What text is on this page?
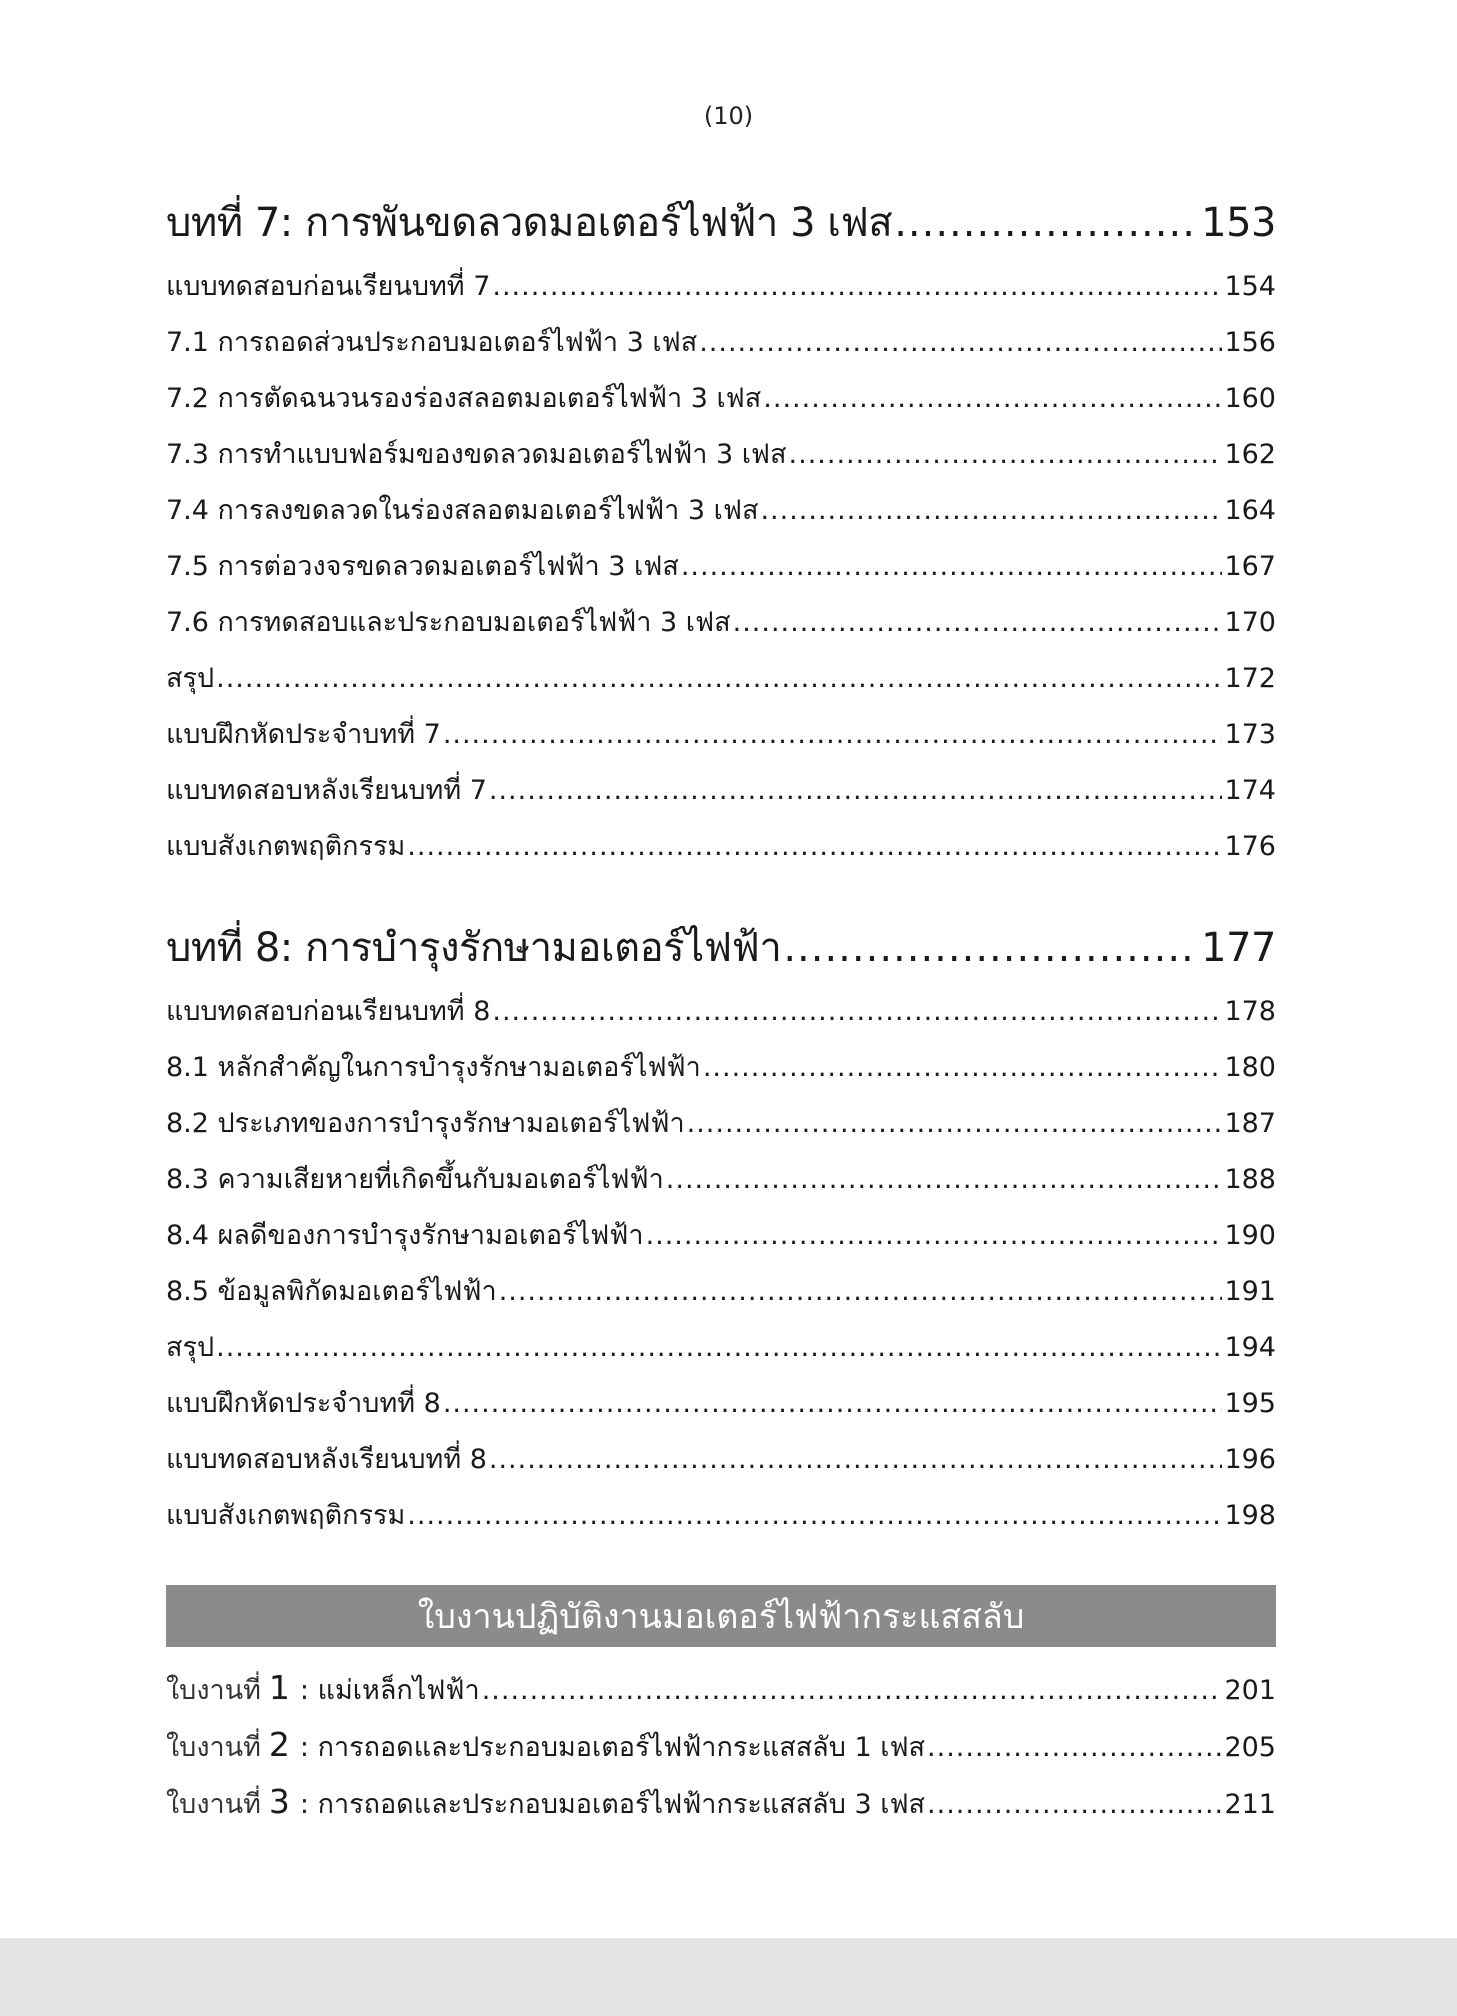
(10)
บทที่ 7: การพันขดลวดมอเตอร์ไฟฟ้า 3 เฟส .....	153
แบบทดสอบก่อนเรียนบทที่ 7 .....	154
7.1 การถอดส่วนประกอบมอเตอร์ไฟฟ้า 3 เฟส .....	156
7.2 การตัดฉนวนรองร่องสลอตมอเตอร์ไฟฟ้า 3 เฟส .....	160
7.3 การทำแบบฟอร์มของขดลวดมอเตอร์ไฟฟ้า 3 เฟส .....	162
7.4 การลงขดลวดในร่องสลอตมอเตอร์ไฟฟ้า 3 เฟส .....	164
7.5 การต่อวงจรขดลวดมอเตอร์ไฟฟ้า 3 เฟส .....	167
7.6 การทดสอบและประกอบมอเตอร์ไฟฟ้า 3 เฟส .....	170
สรุป .....	172
แบบฝึกหัดประจำบทที่ 7 .....	173
แบบทดสอบหลังเรียนบทที่ 7 .....	174
แบบสังเกตพฤติกรรม .....	176
บทที่ 8: การบำรุงรักษามอเตอร์ไฟฟ้า .....	177
แบบทดสอบก่อนเรียนบทที่ 8 .....	178
8.1 หลักสำคัญในการบำรุงรักษามอเตอร์ไฟฟ้า .....	180
8.2 ประเภทของการบำรุงรักษามอเตอร์ไฟฟ้า .....	187
8.3 ความเสียหายที่เกิดขึ้นกับมอเตอร์ไฟฟ้า .....	188
8.4 ผลดีของการบำรุงรักษามอเตอร์ไฟฟ้า .....	190
8.5 ข้อมูลพิกัดมอเตอร์ไฟฟ้า .....	191
สรุป .....	194
แบบฝึกหัดประจำบทที่ 8 .....	195
แบบทดสอบหลังเรียนบทที่ 8 .....	196
แบบสังเกตพฤติกรรม .....	198
ใบงานปฏิบัติงานมอเตอร์ไฟฟ้ากระแสสลับ
ใบงานที่ 1 : แม่เหล็กไฟฟ้า .....	201
ใบงานที่ 2 : การถอดและประกอบมอเตอร์ไฟฟ้ากระแสสลับ 1 เฟส .....	205
ใบงานที่ 3 : การถอดและประกอบมอเตอร์ไฟฟ้ากระแสสลับ 3 เฟส .....	211
